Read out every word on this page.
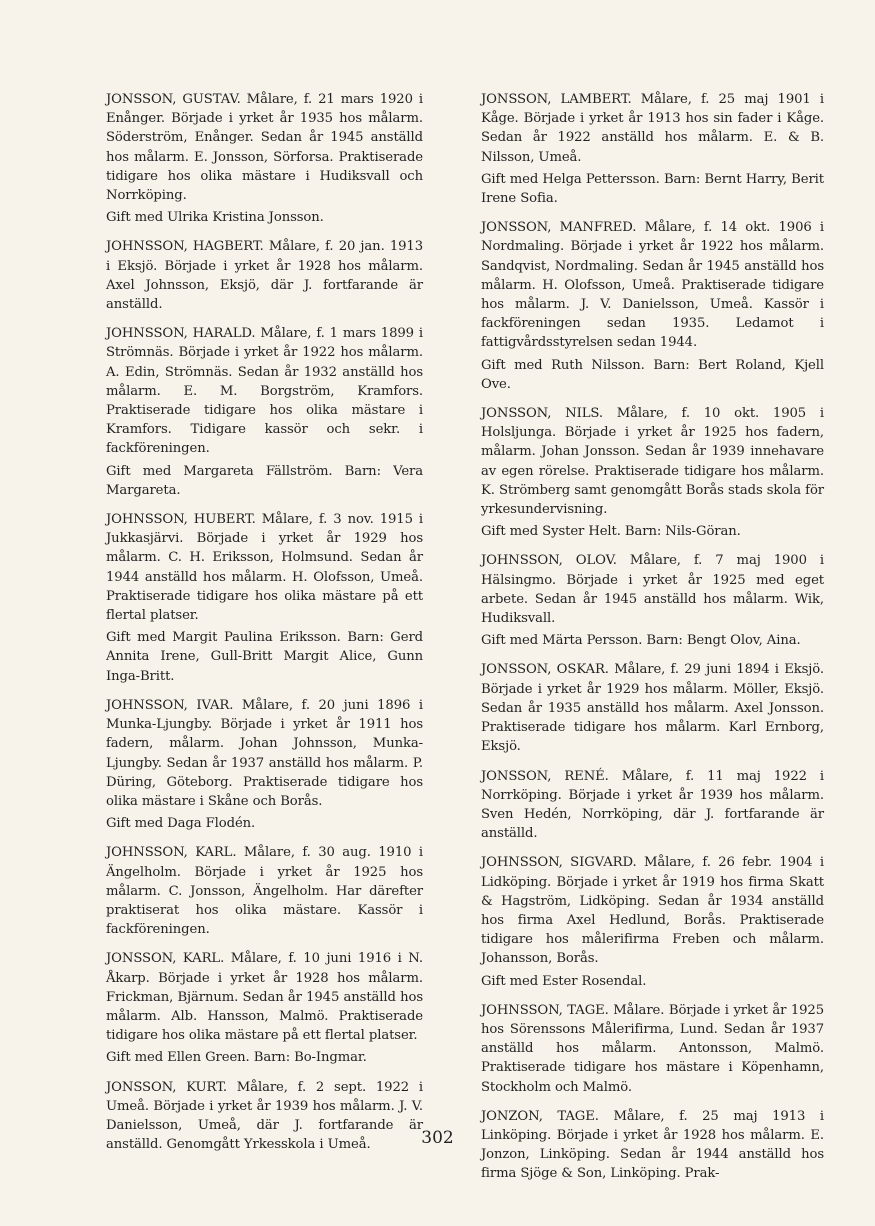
JONSSON, GUSTAV. Målare, f. 21 mars 1920 i Enånger. Började i yrket år 1935 hos målarm. Söderström, Enånger. Sedan år 1945 anställd hos målarm. E. Jonsson, Sörforsa. Praktiserade tidigare hos olika mästare i Hudiksvall och Norrköping.

Gift med Ulrika Kristina Jonsson.

JOHNSSON, HAGBERT. Målare, f. 20 jan. 1913 i Eksjö. Började i yrket år 1928 hos målarm. Axel Johnsson, Eksjö, där J. fortfarande är anställd.

JOHNSSON, HARALD. Målare, f. 1 mars 1899 i Strömnäs. Började i yrket år 1922 hos målarm. A. Edin, Strömnäs. Sedan år 1932 anställd hos målarm. E. M. Borgström, Kramfors. Praktiserade tidigare hos olika mästare i Kramfors. Tidigare kassör och sekr. i fackföreningen.

Gift med Margareta Fällström. Barn: Vera Margareta.

JOHNSSON, HUBERT. Målare, f. 3 nov. 1915 i Jukkasjärvi. Började i yrket år 1929 hos målarm. C. H. Eriksson, Holmsund. Sedan år 1944 anställd hos målarm. H. Olofsson, Umeå. Praktiserade tidigare hos olika mästare på ett flertal platser.

Gift med Margit Paulina Eriksson. Barn: Gerd Annita Irene, Gull-Britt Margit Alice, Gunn Inga-Britt.

JOHNSSON, IVAR. Målare, f. 20 juni 1896 i Munka-Ljungby. Började i yrket år 1911 hos fadern, målarm. Johan Johnsson, Munka-Ljungby. Sedan år 1937 anställd hos målarm. P. Düring, Göteborg. Praktiserade tidigare hos olika mästare i Skåne och Borås.

Gift med Daga Flodén.

JOHNSSON, KARL. Målare, f. 30 aug. 1910 i Ängelholm. Började i yrket år 1925 hos målarm. C. Jonsson, Ängelholm. Har därefter praktiserat hos olika mästare. Kassör i fackföreningen.

JONSSON, KARL. Målare, f. 10 juni 1916 i N. Åkarp. Började i yrket år 1928 hos målarm. Frickman, Bjärnum. Sedan år 1945 anställd hos målarm. Alb. Hansson, Malmö. Praktiserade tidigare hos olika mästare på ett flertal platser.

Gift med Ellen Green. Barn: Bo-Ingmar.

JONSSON, KURT. Målare, f. 2 sept. 1922 i Umeå. Började i yrket år 1939 hos målarm. J. V. Danielsson, Umeå, där J. fortfarande är anställd. Genomgått Yrkesskola i Umeå.

JONSSON, LAMBERT. Målare, f. 25 maj 1901 i Kåge. Började i yrket år 1913 hos sin fader i Kåge. Sedan år 1922 anställd hos målarm. E. & B. Nilsson, Umeå.

Gift med Helga Pettersson. Barn: Bernt Harry, Berit Irene Sofia.

JONSSON, MANFRED. Målare, f. 14 okt. 1906 i Nordmaling. Började i yrket år 1922 hos målarm. Sandqvist, Nordmaling. Sedan år 1945 anställd hos målarm. H. Olofsson, Umeå. Praktiserade tidigare hos målarm. J. V. Danielsson, Umeå. Kassör i fackföreningen sedan 1935. Ledamot i fattigvårdsstyrelsen sedan 1944.

Gift med Ruth Nilsson. Barn: Bert Roland, Kjell Ove.

JONSSON, NILS. Målare, f. 10 okt. 1905 i Holsljunga. Började i yrket år 1925 hos fadern, målarm. Johan Jonsson. Sedan år 1939 innehavare av egen rörelse. Praktiserade tidigare hos målarm. K. Strömberg samt genomgått Borås stads skola för yrkesundervisning.

Gift med Syster Helt. Barn: Nils-Göran.

JOHNSSON, OLOV. Målare, f. 7 maj 1900 i Hälsingmo. Började i yrket år 1925 med eget arbete. Sedan år 1945 anställd hos målarm. Wik, Hudiksvall.

Gift med Märta Persson. Barn: Bengt Olov, Aina.

JONSSON, OSKAR. Målare, f. 29 juni 1894 i Eksjö. Började i yrket år 1929 hos målarm. Möller, Eksjö. Sedan år 1935 anställd hos målarm. Axel Jonsson. Praktiserade tidigare hos målarm. Karl Ernborg, Eksjö.

JONSSON, RENÉ. Målare, f. 11 maj 1922 i Norrköping. Började i yrket år 1939 hos målarm. Sven Hedén, Norrköping, där J. fortfarande är anställd.

JOHNSSON, SIGVARD. Målare, f. 26 febr. 1904 i Lidköping. Började i yrket år 1919 hos firma Skatt & Hagström, Lidköping. Sedan år 1934 anställd hos firma Axel Hedlund, Borås. Praktiserade tidigare hos målerifirma Freben och målarm. Johansson, Borås.

Gift med Ester Rosendal.

JOHNSSON, TAGE. Målare. Började i yrket år 1925 hos Sörenssons Målerifirma, Lund. Sedan år 1937 anställd hos målarm. Antonsson, Malmö. Praktiserade tidigare hos mästare i Köpenhamn, Stockholm och Malmö.

JONZON, TAGE. Målare, f. 25 maj 1913 i Linköping. Började i yrket år 1928 hos målarm. E. Jonzon, Linköping. Sedan år 1944 anställd hos firma Sjöge & Son, Linköping. Prak-

302
